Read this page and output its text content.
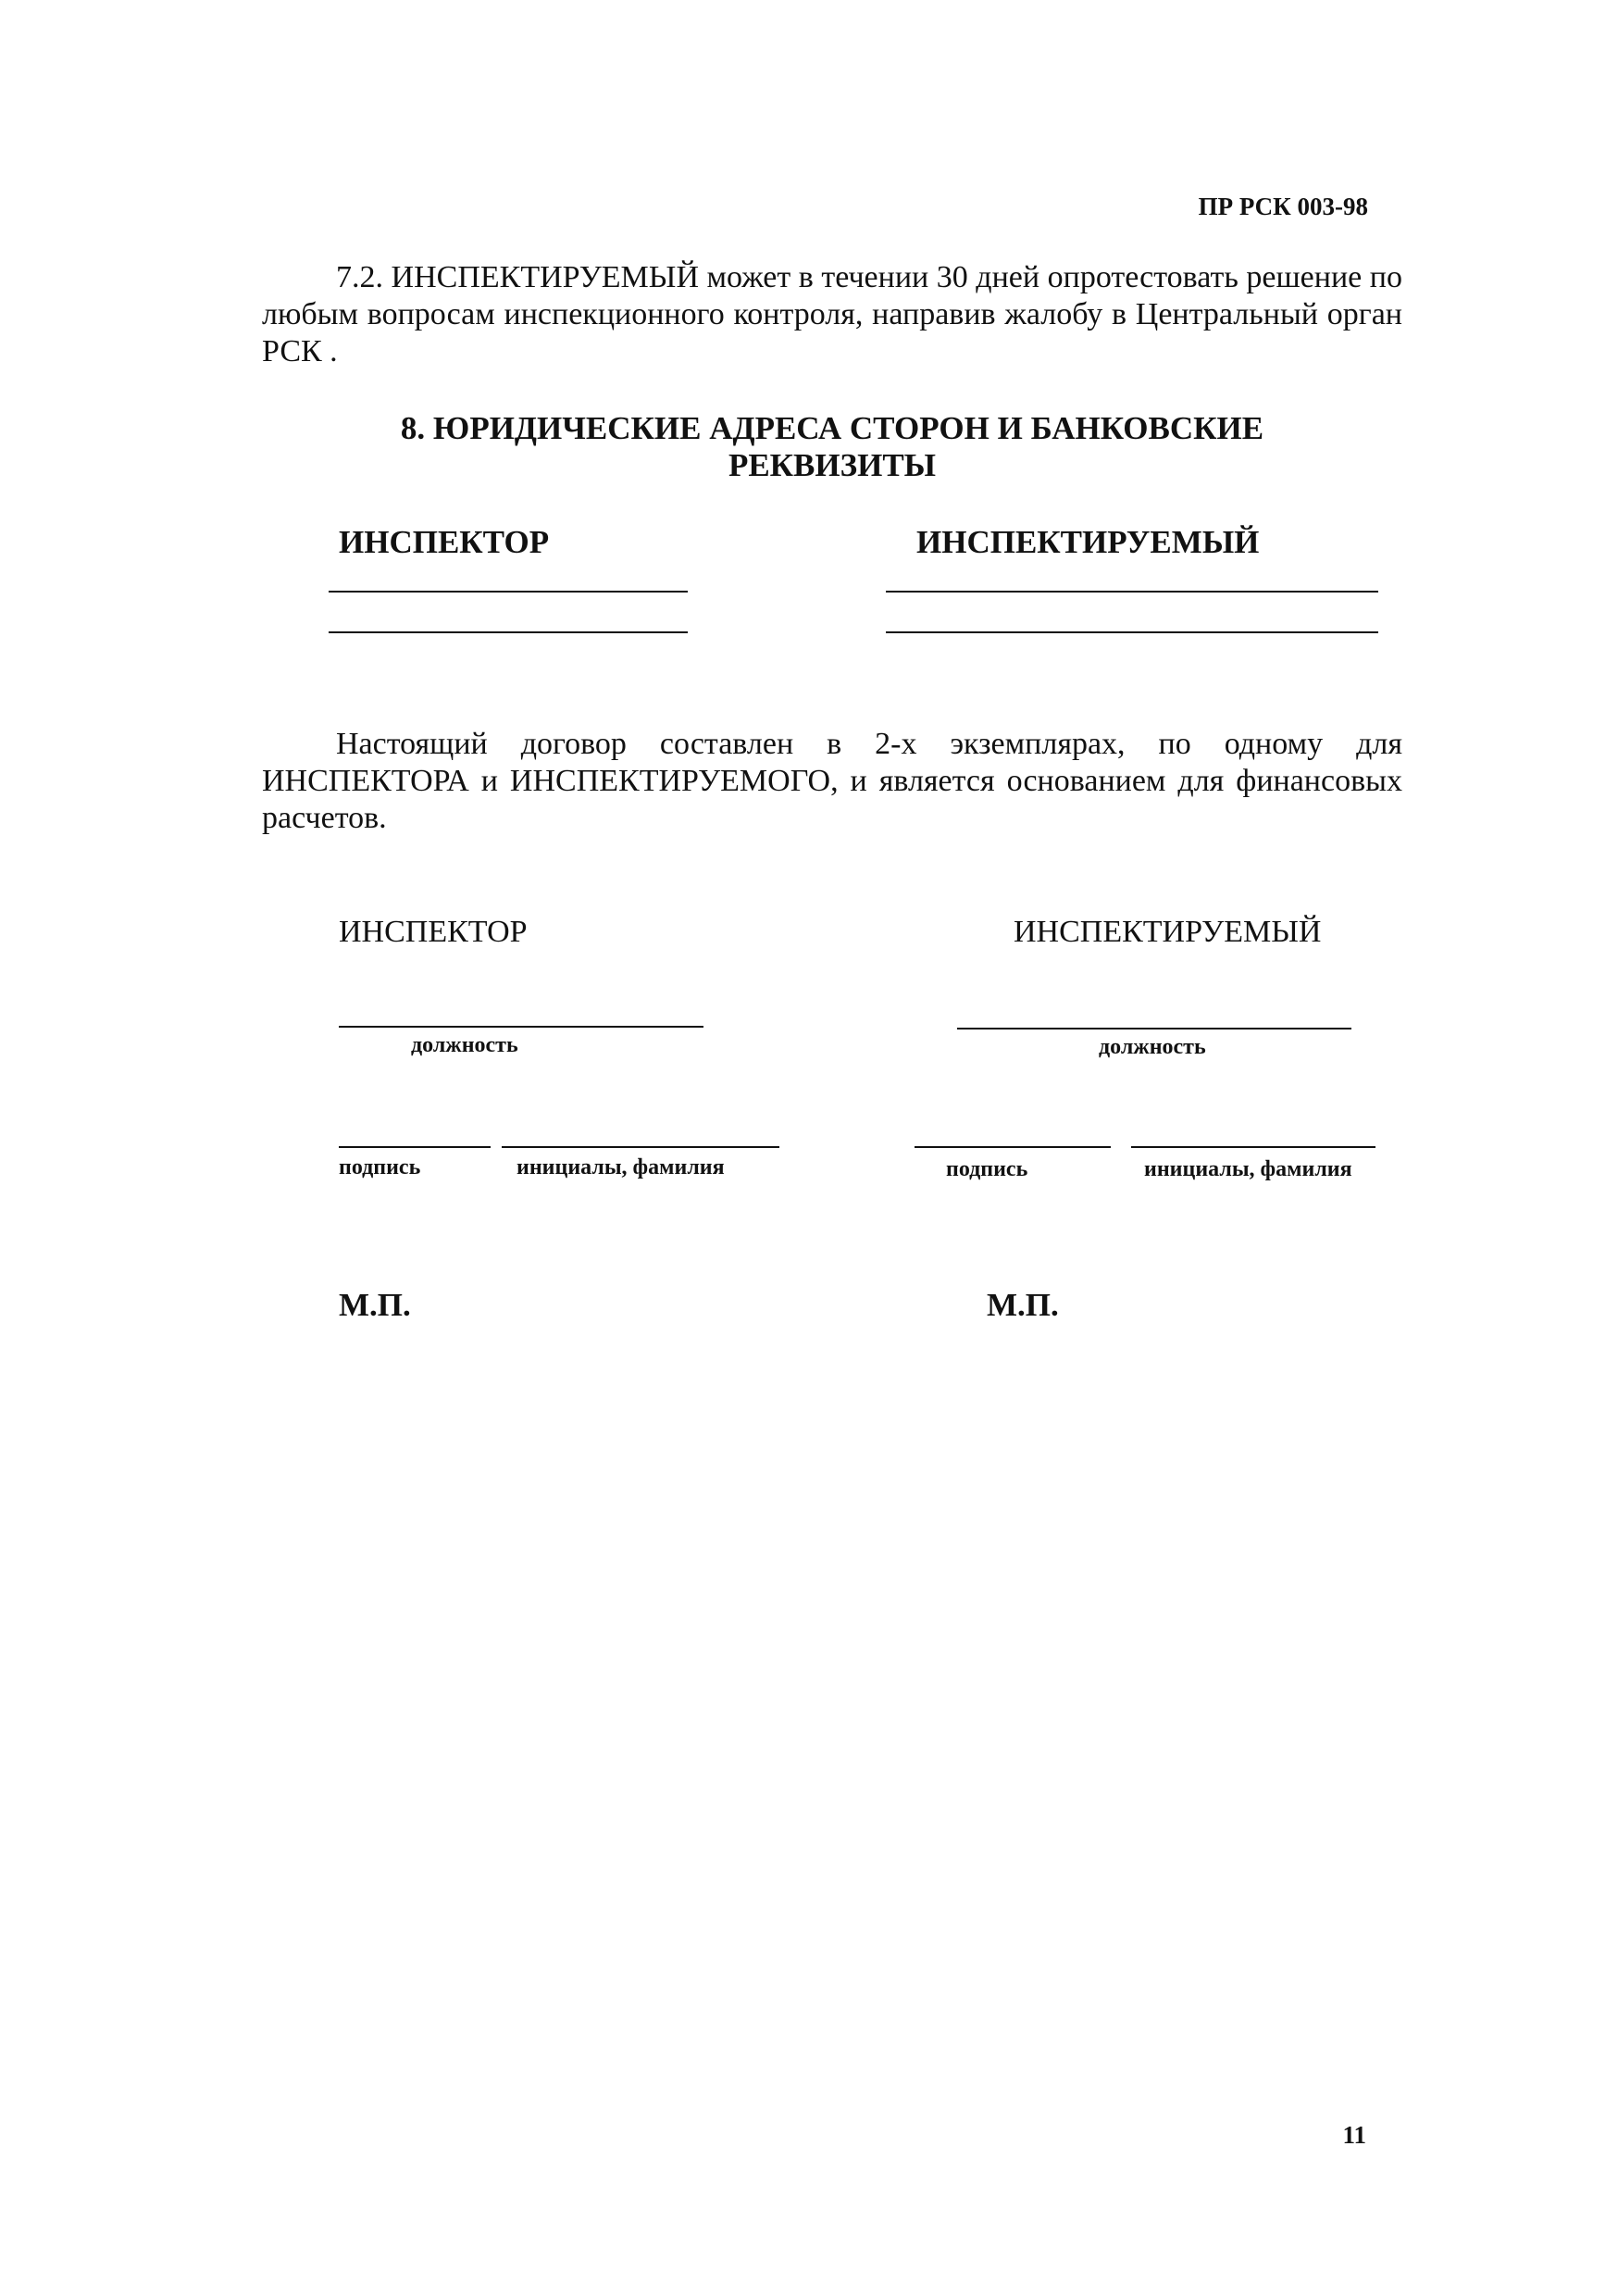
ПР РСК 003-98
7.2. ИНСПЕКТИРУЕМЫЙ может в течении 30 дней опротестовать решение по любым вопросам инспекционного контроля, направив жалобу в Центральный орган РСК .
8. ЮРИДИЧЕСКИЕ АДРЕСА СТОРОН И БАНКОВСКИЕ
РЕКВИЗИТЫ
ИНСПЕКТОР	ИНСПЕКТИРУЕМЫЙ
Настоящий договор составлен в 2-х экземплярах, по одному для ИНСПЕКТОРА и ИНСПЕКТИРУЕМОГО, и является основанием для финансовых расчетов.
ИНСПЕКТОР	ИНСПЕКТИРУЕМЫЙ
должность	должность
подпись	инициалы, фамилия	подпись	инициалы, фамилия
М.П.	М.П.
11
